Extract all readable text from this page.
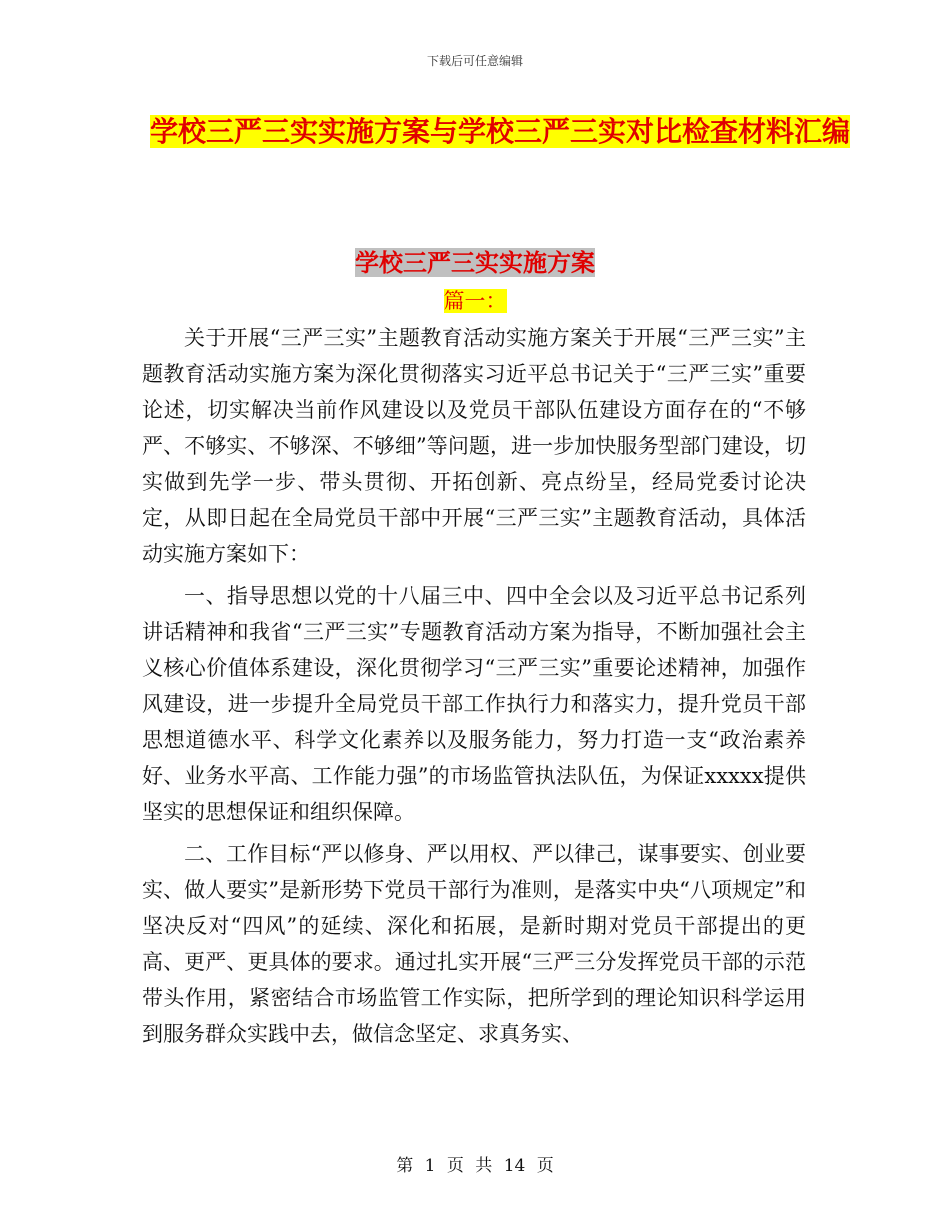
下载后可任意编辑
学校三严三实实施方案与学校三严三实对比检查材料汇编
学校三严三实实施方案
篇一：

关于开展“三严三实”主题教育活动实施方案关于开展“三严三实”主题教育活动实施方案为深化贯彻落实习近平总书记关于“三严三实”重要论述，切实解决当前作风建设以及党员干部队伍建设方面存在的“不够严、不够实、不够深、不够细”等问题，进一步加快服务型部门建设，切实做到先学一步、带头贯彻、开拓创新、亮点纷呈，经局党委讨论决定，从即日起在全局党员干部中开展“三严三实”主题教育活动，具体活动实施方案如下：

一、指导思想以党的十八届三中、四中全会以及习近平总书记系列讲话精神和我省“三严三实”专题教育活动方案为指导，不断加强社会主义核心价值体系建设，深化贯彻学习“三严三实”重要论述精神，加强作风建设，进一步提升全局党员干部工作执行力和落实力，提升党员干部思想道德水平、科学文化素养以及服务能力，努力打造一支“政治素养好、业务水平高、工作能力强”的市场监管执法队伍，为保证xxxxx提供坚实的思想保证和组织保障。

二、工作目标“严以修身、严以用权、严以律己，谋事要实、创业要实、做人要实”是新形势下党员干部行为准则，是落实中央“八项规定”和坚决反对“四风”的延续、深化和拓展，是新时期对党员干部提出的更高、更严、更具体的要求。通过扎实开展“三严三分发挥党员干部的示范带头作用，紧密结合市场监管工作实际，把所学到的理论知识科学运用到服务群众实践中去，做信念坚定、求真务实、

第 1 页 共 14 页
